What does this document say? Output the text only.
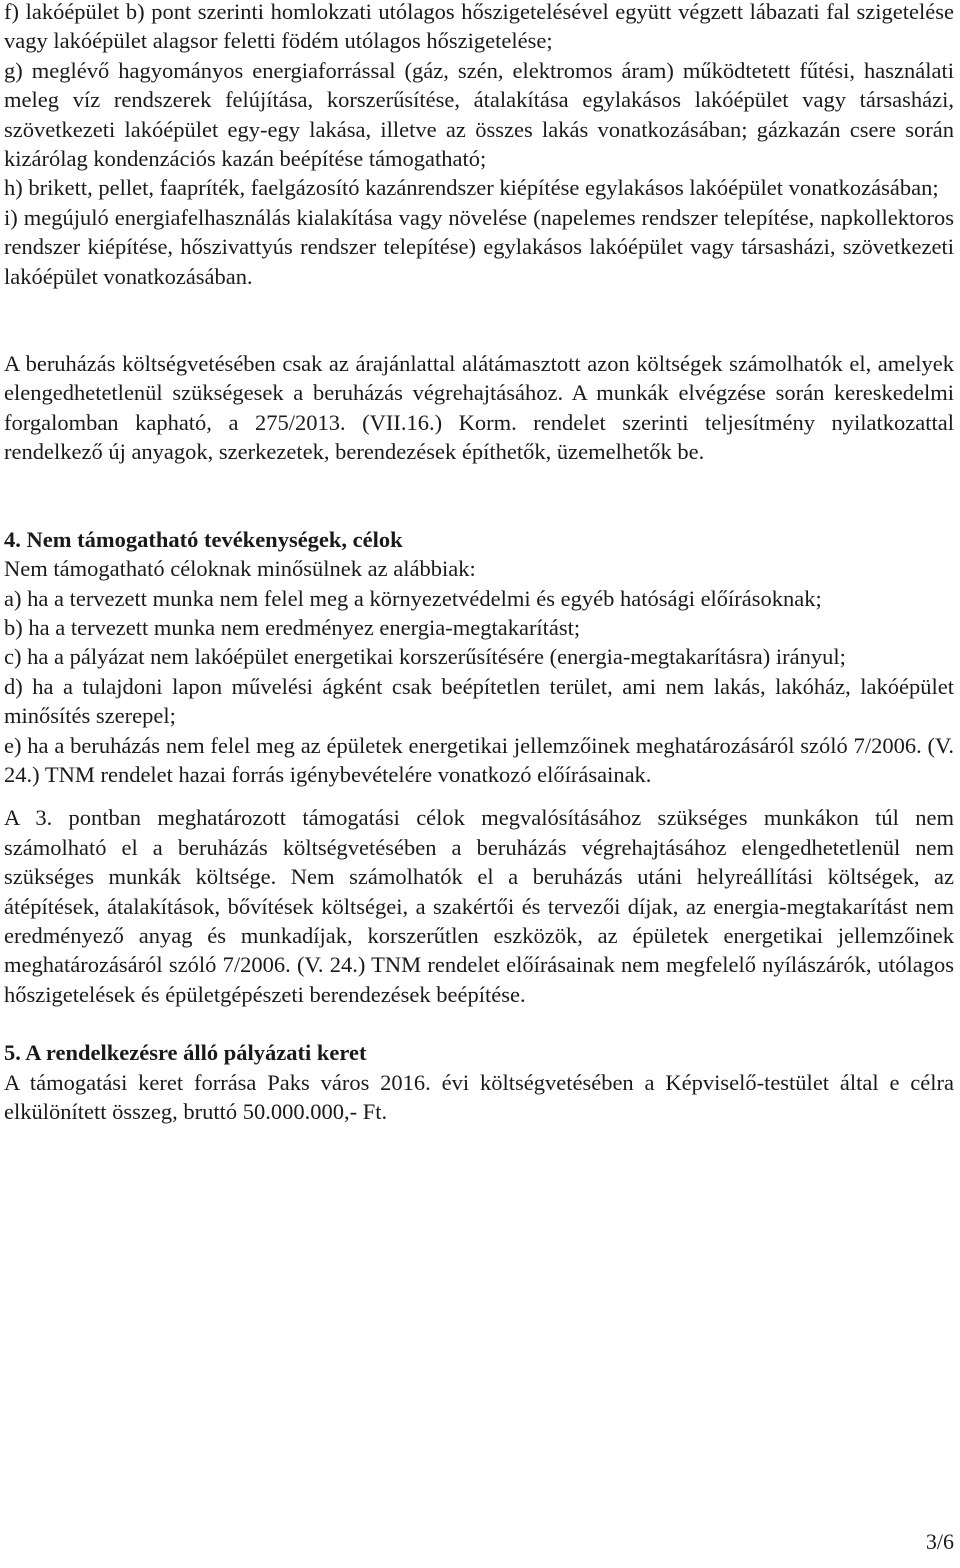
f) lakóépület b) pont szerinti homlokzati utólagos hőszigetelésével együtt végzett lábazati fal szigetelése vagy lakóépület alagsor feletti födém utólagos hőszigetelése;

g) meglévő hagyományos energiaforrással (gáz, szén, elektromos áram) működtetett fűtési, használati meleg víz rendszerek felújítása, korszerűsítése, átalakítása egylakásos lakóépület vagy társasházi, szövetkezeti lakóépület egy-egy lakása, illetve az összes lakás vonatkozásában; gázkazán csere során kizárólag kondenzációs kazán beépítése támogatható;

h) brikett, pellet, faapríték, faelgázosító kazánrendszer kiépítése egylakásos lakóépület vonatkozásában;

i) megújuló energiafelhasználás kialakítása vagy növelése (napelemes rendszer telepítése, napkollektoros rendszer kiépítése, hőszivattyús rendszer telepítése) egylakásos lakóépület vagy társasházi, szövetkezeti lakóépület vonatkozásában.

A beruházás költségvetésében csak az árajánlattal alátámasztott azon költségek számolhatók el, amelyek elengedhetetlenül szükségesek a beruházás végrehajtásához. A munkák elvégzése során kereskedelmi forgalomban kapható, a 275/2013. (VII.16.) Korm. rendelet szerinti teljesítmény nyilatkozattal rendelkező új anyagok, szerkezetek, berendezések építhetők, üzemelhetők be.

4. Nem támogatható tevékenységek, célok

Nem támogatható céloknak minősülnek az alábbiak:

a) ha a tervezett munka nem felel meg a környezetvédelmi és egyéb hatósági előírásoknak;

b) ha a tervezett munka nem eredményez energia-megtakarítást;

c) ha a pályázat nem lakóépület energetikai korszerűsítésére (energia-megtakarításra) irányul;

d) ha a tulajdoni lapon művelési ágként csak beépítetlen terület, ami nem lakás, lakóház, lakóépület minősítés szerepel;

e) ha a beruházás nem felel meg az épületek energetikai jellemzőinek meghatározásáról szóló 7/2006. (V. 24.) TNM rendelet hazai forrás igénybevételére vonatkozó előírásainak.

A 3. pontban meghatározott támogatási célok megvalósításához szükséges munkákon túl nem számolható el a beruházás költségvetésében a beruházás végrehajtásához elengedhetetlenül nem szükséges munkák költsége. Nem számolhatók el a beruházás utáni helyreállítási költségek, az átépítések, átalakítások, bővítések költségei, a szakértői és tervezői díjak, az energia-megtakarítást nem eredményező anyag és munkadíjak, korszerűtlen eszközök, az épületek energetikai jellemzőinek meghatározásáról szóló 7/2006. (V. 24.) TNM rendelet előírásainak nem megfelelő nyílászárók, utólagos hőszigetelések és épületgépészeti berendezések beépítése.

5. A rendelkezésre álló pályázati keret

A támogatási keret forrása Paks város 2016. évi költségvetésében a Képviselő-testület által e célra elkülönített összeg, bruttó 50.000.000,- Ft.

3/6
